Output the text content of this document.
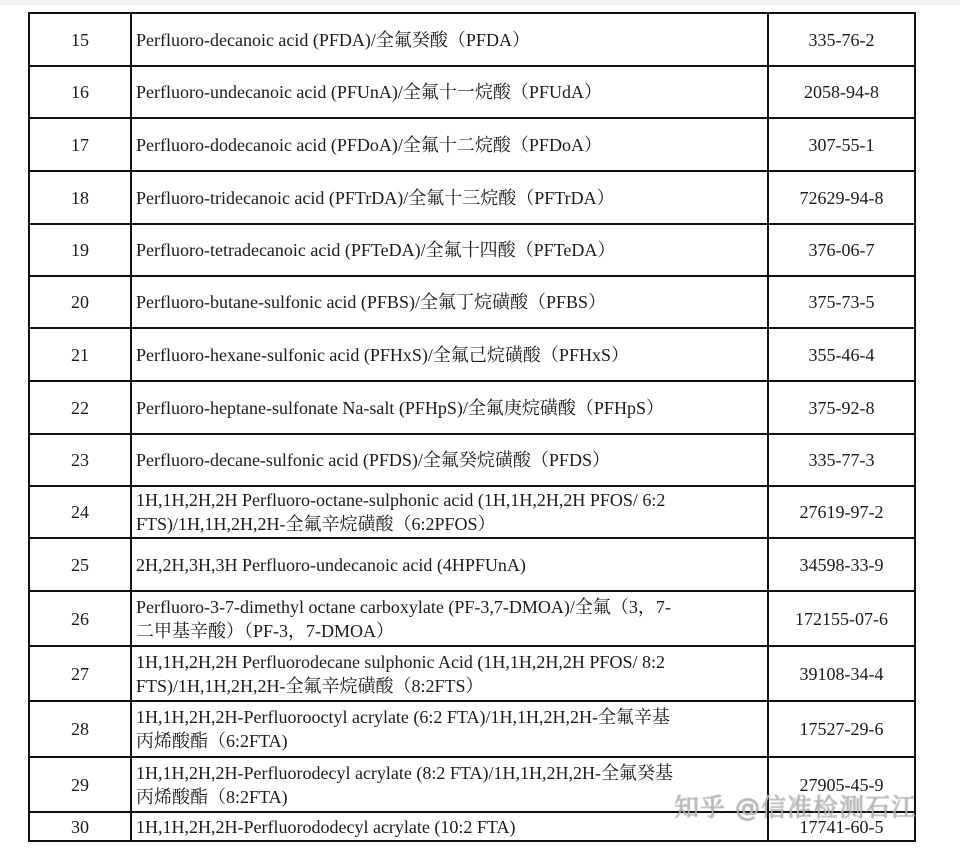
15	Perfluoro-decanoic acid (PFDA)/全氟癸酸（PFDA）	335-76-2
16	Perfluoro-undecanoic acid (PFUnA)/全氟十一烷酸（PFUdA）	2058-94-8
17	Perfluoro-dodecanoic acid (PFDoA)/全氟十二烷酸（PFDoA）	307-55-1
18	Perfluoro-tridecanoic acid (PFTrDA)/全氟十三烷酸（PFTrDA）	72629-94-8
19	Perfluoro-tetradecanoic acid (PFTeDA)/全氟十四酸（PFTeDA）	376-06-7
20	Perfluoro-butane-sulfonic acid (PFBS)/全氟丁烷磺酸（PFBS）	375-73-5
21	Perfluoro-hexane-sulfonic acid (PFHxS)/全氟己烷磺酸（PFHxS）	355-46-4
22	Perfluoro-heptane-sulfonate Na-salt (PFHpS)/全氟庚烷磺酸（PFHpS）	375-92-8
23	Perfluoro-decane-sulfonic acid (PFDS)/全氟癸烷磺酸（PFDS）	335-77-3
24	1H,1H,2H,2H Perfluoro-octane-sulphonic acid (1H,1H,2H,2H PFOS/ 6:2
FTS)/1H,1H,2H,2H-全氟辛烷磺酸（6:2PFOS）	27619-97-2
25	2H,2H,3H,3H Perfluoro-undecanoic acid (4HPFUnA)	34598-33-9
26	Perfluoro-3-7-dimethyl octane carboxylate (PF-3,7-DMOA)/全氟（3，7-
二甲基辛酸）（PF-3，7-DMOA）	172155-07-6
27	1H,1H,2H,2H Perfluorodecane sulphonic Acid (1H,1H,2H,2H PFOS/ 8:2
FTS)/1H,1H,2H,2H-全氟辛烷磺酸（8:2FTS）	39108-34-4
28	1H,1H,2H,2H-Perfluorooctyl acrylate (6:2 FTA)/1H,1H,2H,2H-全氟辛基
丙烯酸酯（6:2FTA)	17527-29-6
29	1H,1H,2H,2H-Perfluorodecyl acrylate (8:2 FTA)/1H,1H,2H,2H-全氟癸基
丙烯酸酯（8:2FTA)	27905-45-9
30	1H,1H,2H,2H-Perfluorododecyl acrylate (10:2 FTA)	17741-60-5
知乎 @信准检测石江
